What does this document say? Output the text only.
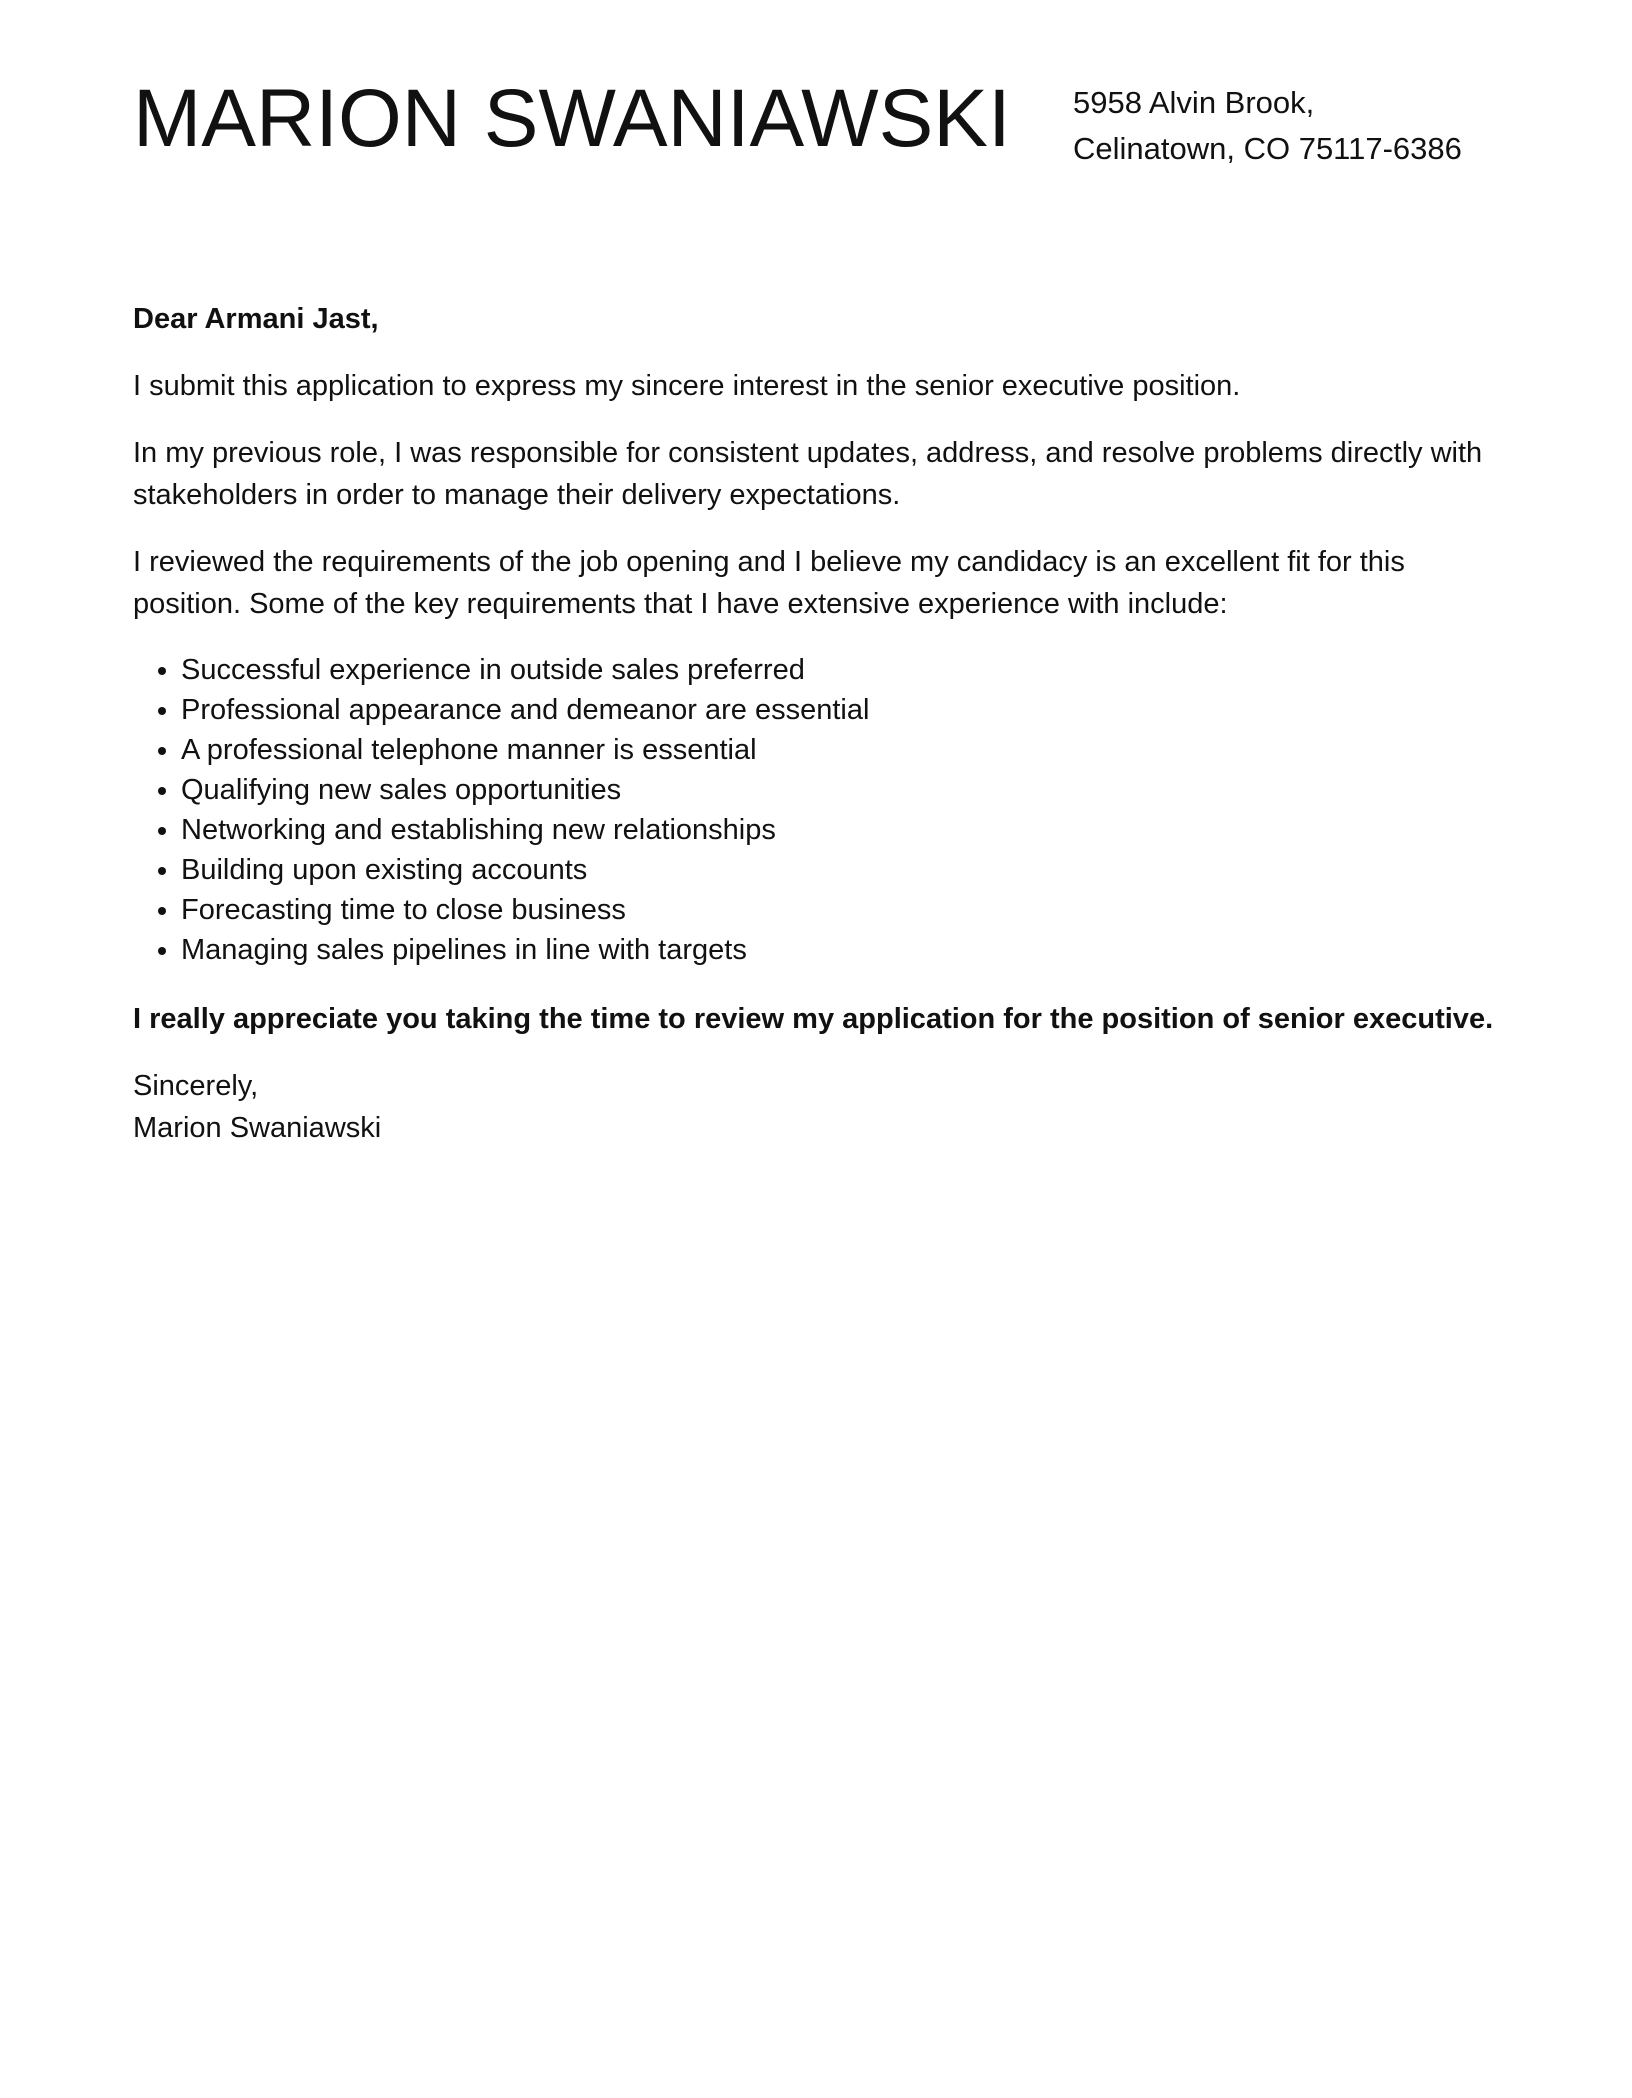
MARION SWANIAWSKI 5958 Alvin Brook,
Celinatown, CO 75117-6386

Dear Armani Jast,

I submit this application to express my sincere interest in the senior executive position.

In my previous role, I was responsible for consistent updates, address, and resolve problems directly with stakeholders in order to manage their delivery expectations.

I reviewed the requirements of the job opening and I believe my candidacy is an excellent fit for this position. Some of the key requirements that I have extensive experience with include:

• Successful experience in outside sales preferred
• Professional appearance and demeanor are essential
• A professional telephone manner is essential
• Qualifying new sales opportunities
• Networking and establishing new relationships
• Building upon existing accounts
• Forecasting time to close business
• Managing sales pipelines in line with targets

I really appreciate you taking the time to review my application for the position of senior executive.

Sincerely,
Marion Swaniawski
